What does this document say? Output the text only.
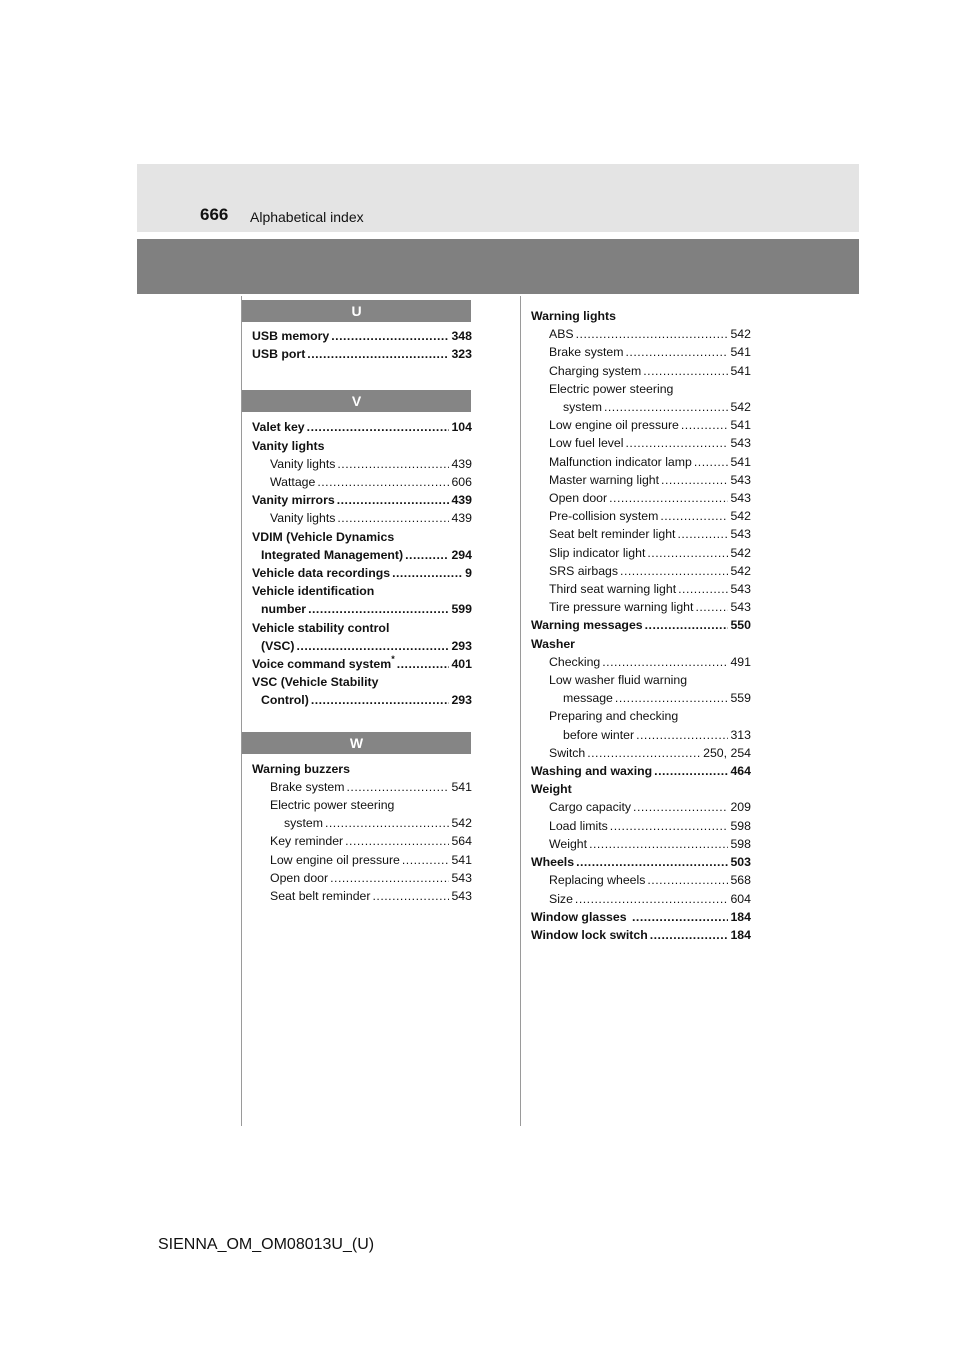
666 Alphabetical index
U
USB memory .....	348
USB port .....	323
V
Valet key .....	104
Vanity lights
Vanity lights .....	439
Wattage .....	606
Vanity mirrors .....	439
Vanity lights .....	439
VDIM (Vehicle Dynamics
Integrated Management) .....	294
Vehicle data recordings .....	9
Vehicle identification
number .....	599
Vehicle stability control
(VSC) .....	293
Voice command system* .....	401
VSC (Vehicle Stability
Control) .....	293
W
Warning buzzers
Brake system .....	541
Electric power steering
system .....	542
Key reminder .....	564
Low engine oil pressure .....	541
Open door .....	543
Seat belt reminder .....	543
Warning lights
ABS .....	542
Brake system .....	541
Charging system .....	541
Electric power steering
system .....	542
Low engine oil pressure .....	541
Low fuel level .....	543
Malfunction indicator lamp .....	541
Master warning light .....	543
Open door .....	543
Pre-collision system .....	542
Seat belt reminder light .....	543
Slip indicator light .....	542
SRS airbags .....	542
Third seat warning light .....	543
Tire pressure warning light .....	543
Warning messages .....	550
Washer
Checking .....	491
Low washer fluid warning
message .....	559
Preparing and checking
before winter .....	313
Switch .....	250, 254
Washing and waxing .....	464
Weight
Cargo capacity .....	209
Load limits .....	598
Weight .....	598
Wheels .....	503
Replacing wheels .....	568
Size .....	604
Window glasses .....	184
Window lock switch .....	184
SIENNA_OM_OM08013U_(U)
